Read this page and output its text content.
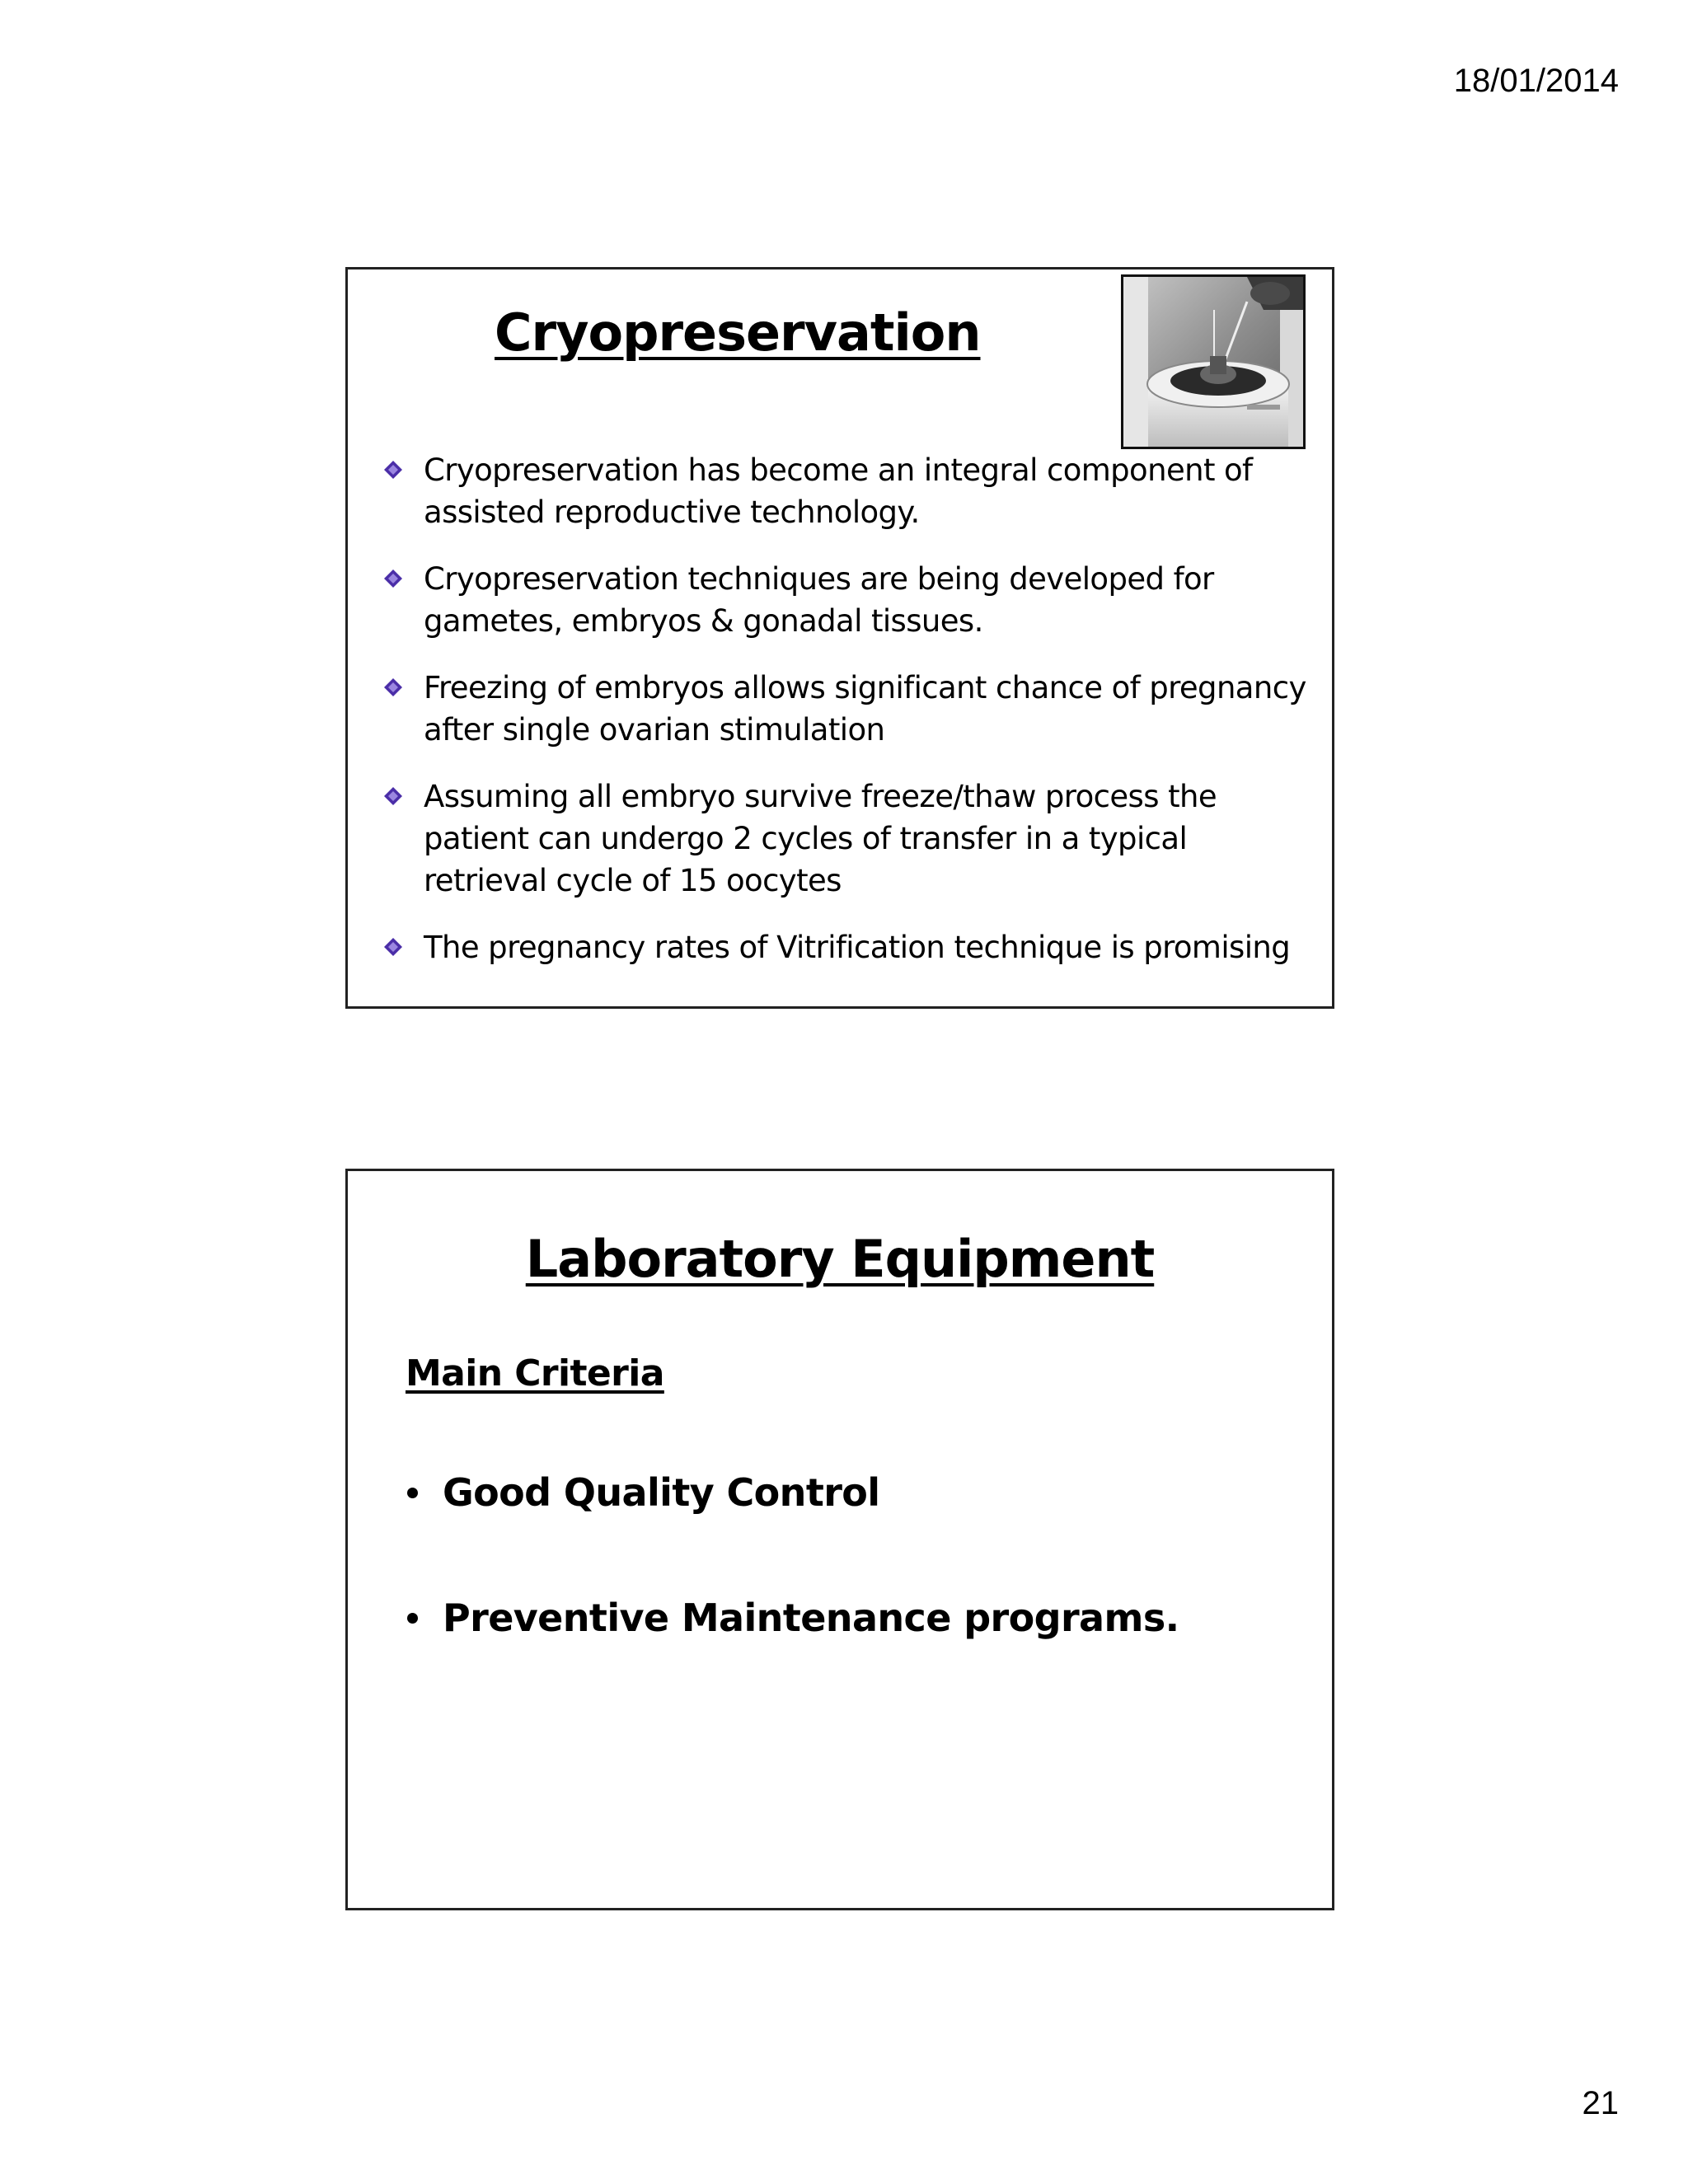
18/01/2014
Cryopreservation
Cryopreservation has become an integral component of assisted reproductive technology.
Cryopreservation techniques are being developed for gametes, embryos & gonadal tissues.
Freezing of embryos allows significant chance of pregnancy after single ovarian stimulation
Assuming all embryo survive freeze/thaw process the patient can undergo 2 cycles of transfer in a typical retrieval cycle of 15 oocytes
The pregnancy rates of Vitrification technique is promising
Laboratory Equipment
Main Criteria
Good Quality Control
Preventive Maintenance programs.
21
